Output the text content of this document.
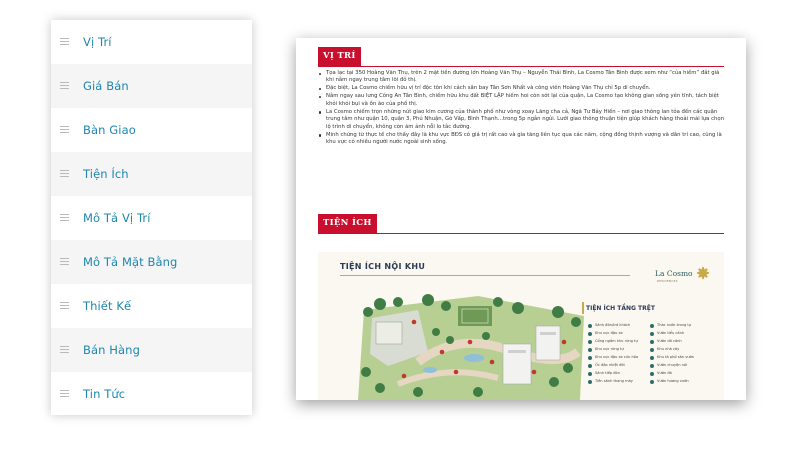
Vị Trí
Giá Bán
Bàn Giao
Tiện Ích
Mô Tả Vị Trí
Mô Tả Mặt Bằng
Thiết Kế
Bán Hàng
Tin Tức
VỊ TRÍ
Tọa lạc tại 350 Hoàng Văn Thụ, trên 2 mặt tiền đường lớn Hoàng Văn Thụ – Nguyễn Thái Bình, La Cosmo Tân Bình được xem như “của hiếm” đắt giá khi nằm ngay trung tâm lõi đô thị.
Đặc biệt, La Cosmo chiếm hữu vị trí độc tôn khi cách sân bay Tân Sơn Nhất và công viên Hoàng Văn Thụ chỉ 5p di chuyển.
Nằm ngay sau lưng Công An Tân Bình, chiếm hữu khu đất BIỆT LẬP hiếm hoi còn sót lại của quận, La Cosmo tạo không gian sống yên tĩnh, tách biệt khỏi khói bụi và ồn ào của phố thị.
La Cosmo chiếm trọn những nút giao kim cương của thành phố như vòng xoay Lăng cha cả, Ngã Tư Bảy Hiền – nơi giao thông lan tỏa đến các quận trung tâm như quận 10, quận 3, Phú Nhuận, Gò Vấp, Bình Thạnh…trong 5p ngắn ngủi. Lưới giao thông thuận tiện giúp khách hàng thoải mái lựa chọn lộ trình di chuyển, không còn ám ảnh nỗi lo tắc đường.
Minh chứng từ thực tế cho thấy đây là khu vực BĐS có giá trị rất cao và gia tăng liên tục qua các năm, cộng đồng thịnh vượng và dân trí cao, cũng là khu vực có nhiều người nước ngoài sinh sống.
TIỆN ÍCH
TIỆN ÍCH NỘI KHU
La Cosmo
RESIDENCES
TIỆN ÍCH TẦNG TRỆT
Sảnh đón/trả khách
Khu vực đậu xe
Cổng ngắm khu rừng tự
Khu vực rừng tự
Khu vực đậu xe cứu hỏa
Ốc đảo nhiệt đới
Sảnh tiếp đón
Tiền sảnh thang máy
Thác nước trong tự
Vườn tiểu cảnh
Vườn dã cảnh
Khu nhà cây
Khu tả phố sân vườn
Vườn chuyện nói
Vườn đá
Vườn hương vườn
